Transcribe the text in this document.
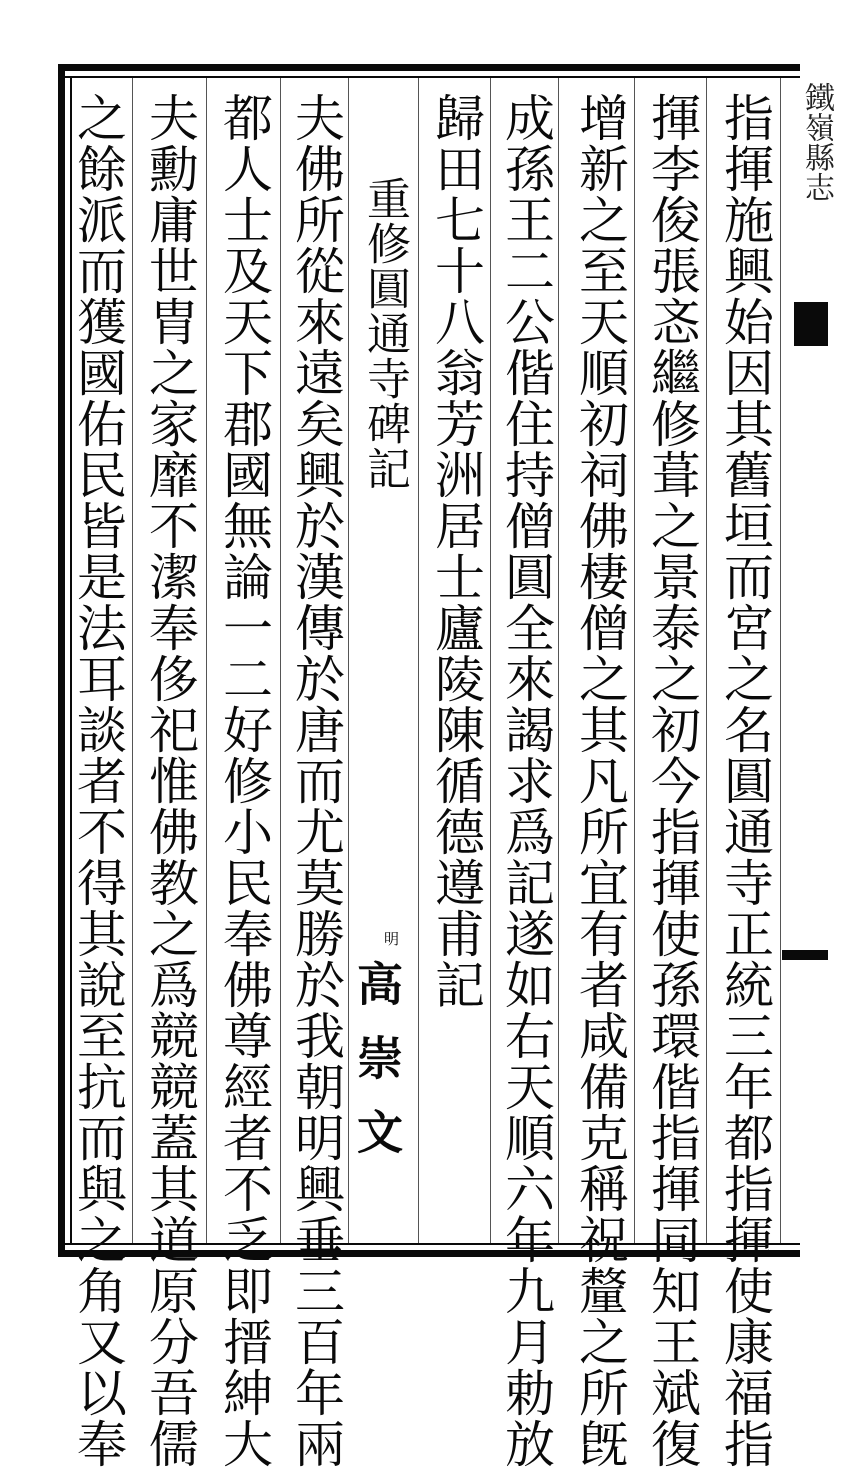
指揮施興始因其舊垣而宮之名圓通寺正統三年都指揮使康福指
揮李俊張忞繼修葺之景泰之初今指揮使孫環偕指揮同知王斌復
增新之至天順初祠佛棲僧之其凡所宜有者咸備克稱祝釐之所旣
成孫王二公偕住持僧圓全來謁求爲記遂如右天順六年九月勅放
歸田七十八翁芳洲居士廬陵陳循德遵甫記
重修圓通寺碑記
夫佛所從來遠矣興於漢傳於唐而尤莫勝於我朝明興垂三百年兩
都人士及天下郡國無論一二好修小民奉佛尊經者不乏即搢紳大
夫勳庸世胄之家靡不潔奉侈祀惟佛教之爲競競蓋其道原分吾儒
之餘派而獲國佑民皆是法耳談者不得其說至抗而與之角又以奉	明
高 崇 文
鐵嶺縣志
